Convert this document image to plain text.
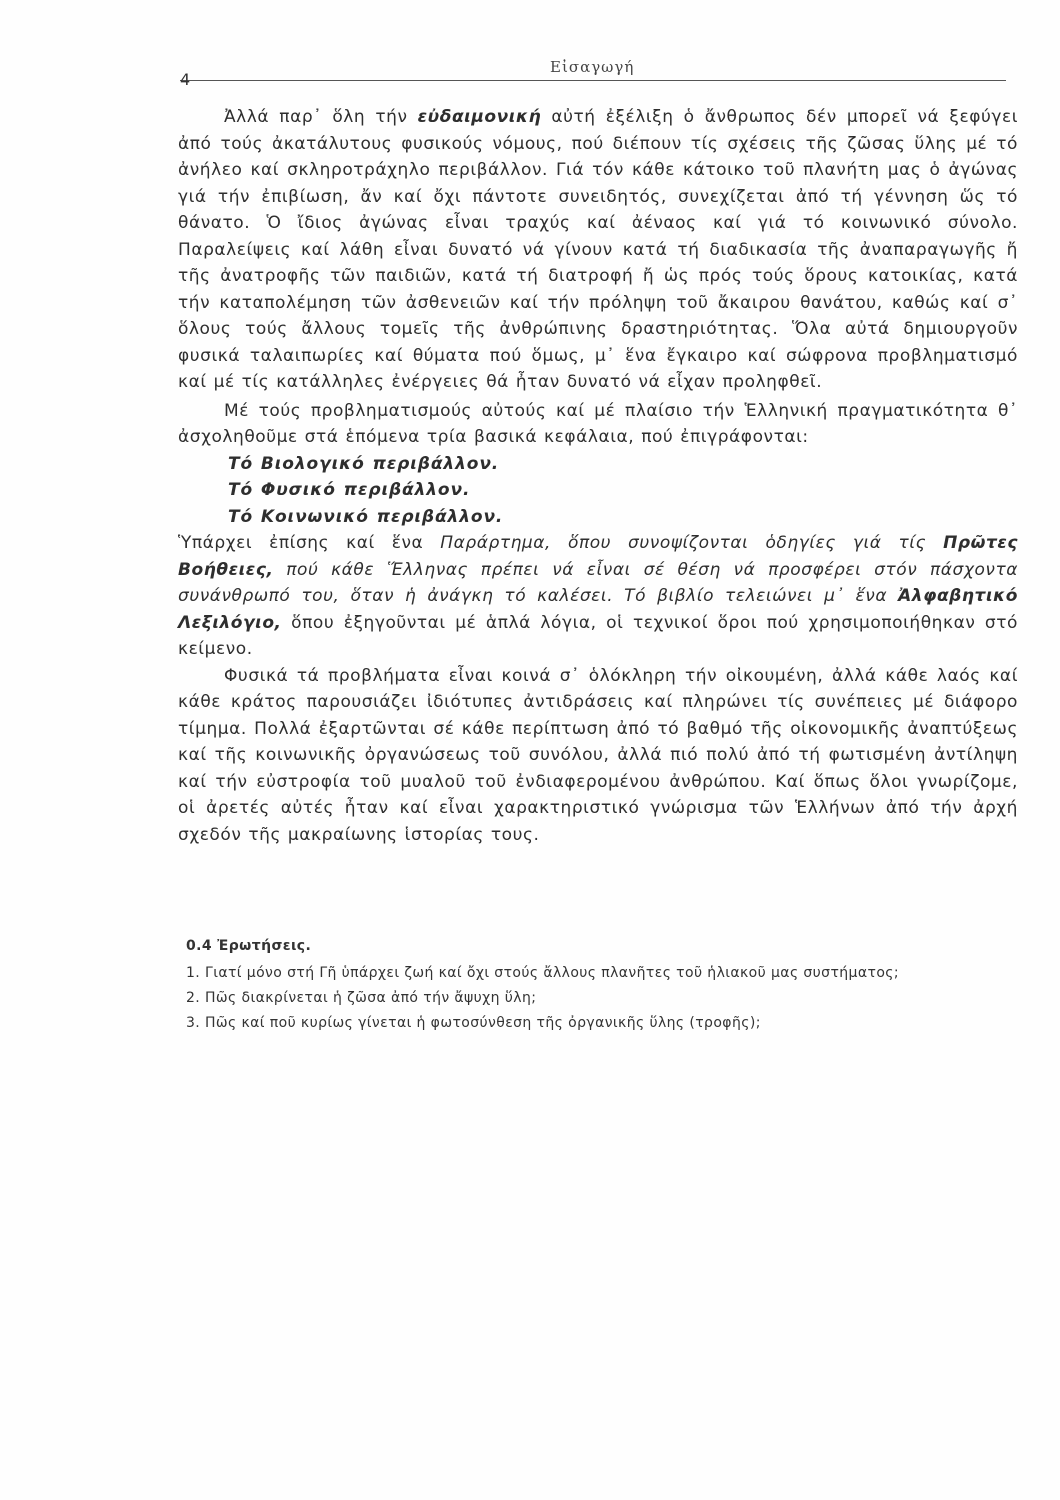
4
Εἰσαγωγή

Ἀλλά παρ᾽ ὅλη τήν εὐδαιμονική αὐτή ἐξέλιξη ὁ ἄνθρωπος δέν μπορεῖ νά ξεφύγει ἀπό τούς ἀκατάλυτους φυσικούς νόμους, πού διέπουν τίς σχέσεις τῆς ζῶσας ὕλης μέ τό ἀνήλεο καί σκληροτράχηλο περιβάλλον. Γιά τόν κάθε κάτοικο τοῦ πλανήτη μας ὁ ἀγώνας γιά τήν ἐπιβίωση, ἄν καί ὄχι πάντοτε συνειδητός, συνεχίζεται ἀπό τή γέννηση ὥς τό θάνατο. Ὁ ἴδιος ἀγώνας εἶναι τραχύς καί ἀέναος καί γιά τό κοινωνικό σύνολο. Παραλείψεις καί λάθη εἶναι δυνατό νά γίνουν κατά τή διαδικασία τῆς ἀναπαραγωγῆς ἤ τῆς ἀνατροφῆς τῶν παιδιῶν, κατά τή διατροφή ἤ ὡς πρός τούς ὅρους κατοικίας, κατά τήν καταπολέμηση τῶν ἀσθενειῶν καί τήν πρόληψη τοῦ ἄκαιρου θανάτου, καθώς καί σ᾽ ὅλους τούς ἄλλους τομεῖς τῆς ἀνθρώπινης δραστηριότητας. Ὅλα αὐτά δημιουργοῦν φυσικά ταλαιπωρίες καί θύματα πού ὅμως, μ᾽ ἕνα ἔγκαιρο καί σώφρονα προβληματισμό καί μέ τίς κατάλληλες ἐνέργειες θά ἦταν δυνατό νά εἶχαν προληφθεῖ.

Μέ τούς προβληματισμούς αὐτούς καί μέ πλαίσιο τήν Ἑλληνική πραγματικότητα θ᾽ ἀσχοληθοῦμε στά ἑπόμενα τρία βασικά κεφάλαια, πού ἐπιγράφονται:

Τό Βιολογικό περιβάλλον.
Τό Φυσικό περιβάλλον.
Τό Κοινωνικό περιβάλλον.

Ὑπάρχει ἐπίσης καί ἕνα Παράρτημα, ὅπου συνοψίζονται ὁδηγίες γιά τίς Πρῶτες Βοήθειες, πού κάθε Ἕλληνας πρέπει νά εἶναι σέ θέση νά προσφέρει στόν πάσχοντα συνάνθρωπό του, ὅταν ἡ ἀνάγκη τό καλέσει. Τό βιβλίο τελειώνει μ᾽ ἕνα Ἀλφαβητικό Λεξιλόγιο, ὅπου ἐξηγοῦνται μέ ἁπλά λόγια, οἱ τεχνικοί ὅροι πού χρησιμοποιήθηκαν στό κείμενο.

Φυσικά τά προβλήματα εἶναι κοινά σ᾽ ὁλόκληρη τήν οἰκουμένη, ἀλλά κάθε λαός καί κάθε κράτος παρουσιάζει ἰδιότυπες ἀντιδράσεις καί πληρώνει τίς συνέπειες μέ διάφορο τίμημα. Πολλά ἐξαρτῶνται σέ κάθε περίπτωση ἀπό τό βαθμό τῆς οἰκονομικῆς ἀναπτύξεως καί τῆς κοινωνικῆς ὀργανώσεως τοῦ συνόλου, ἀλλά πιό πολύ ἀπό τή φωτισμένη ἀντίληψη καί τήν εὐστροφία τοῦ μυαλοῦ τοῦ ἐνδιαφερομένου ἀνθρώπου. Καί ὅπως ὅλοι γνωρίζομε, οἱ ἀρετές αὐτές ἦταν καί εἶναι χαρακτηριστικό γνώρισμα τῶν Ἑλλήνων ἀπό τήν ἀρχή σχεδόν τῆς μακραίωνης ἱστορίας τους.

0.4 Ἐρωτήσεις.

1. Γιατί μόνο στή Γῆ ὑπάρχει ζωή καί ὄχι στούς ἄλλους πλανῆτες τοῦ ἡλιακοῦ μας συστήματος;
2. Πῶς διακρίνεται ἡ ζῶσα ἀπό τήν ἄψυχη ὕλη;
3. Πῶς καί ποῦ κυρίως γίνεται ἡ φωτοσύνθεση τῆς ὀργανικῆς ὕλης (τροφῆς);
